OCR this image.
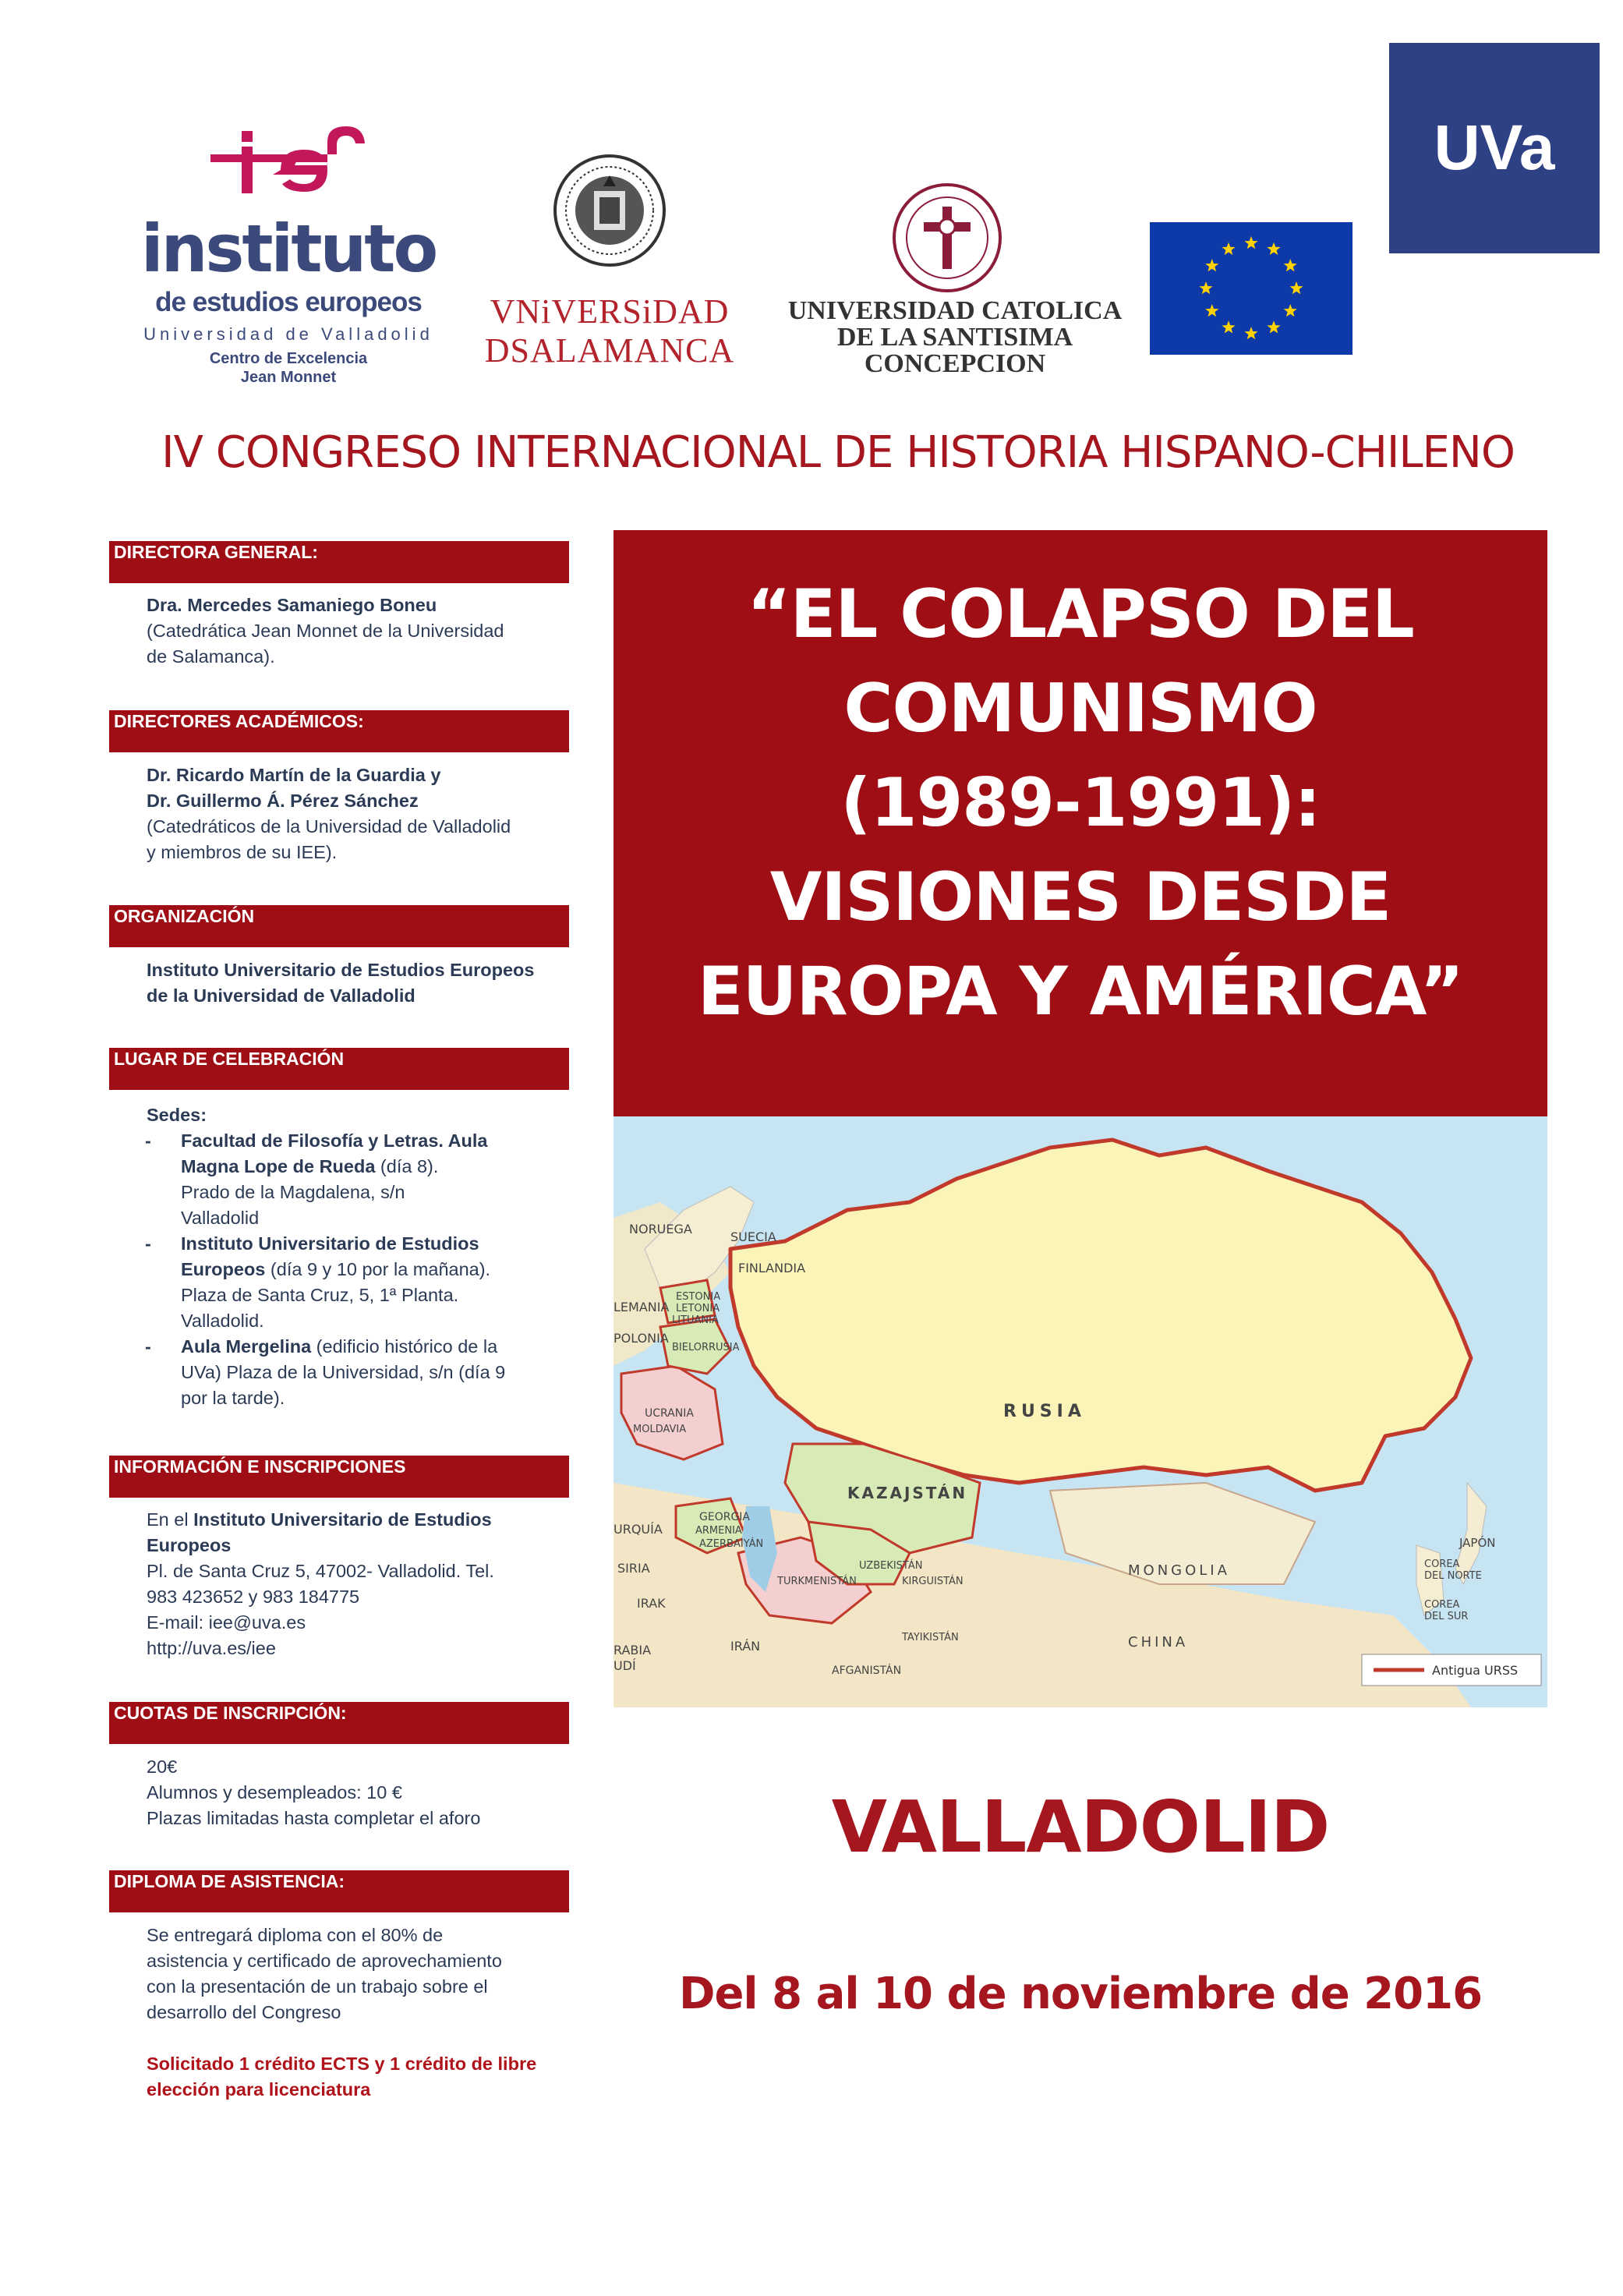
instituto
de estudios europeos
Universidad de Valladolid
Centro de Excelencia
Jean Monnet
VNiVERSiDAD
DSALAMANCA
UNIVERSIDAD CATOLICA
DE LA SANTISIMA CONCEPCION
UVa
IV CONGRESO INTERNACIONAL DE HISTORIA HISPANO-CHILENO
DIRECTORA GENERAL:
Dra. Mercedes Samaniego Boneu
(Catedrática Jean Monnet de la Universidad
de Salamanca).
DIRECTORES ACADÉMICOS:
Dr. Ricardo Martín de la Guardia y
Dr. Guillermo Á. Pérez Sánchez
(Catedráticos de la Universidad de Valladolid
y miembros de su IEE).
ORGANIZACIÓN
Instituto Universitario de Estudios Europeos
de la Universidad de Valladolid
LUGAR DE CELEBRACIÓN
Sedes:
- Facultad de Filosofía y Letras. Aula
Magna Lope de Rueda (día 8).
Prado de la Magdalena, s/n
Valladolid
- Instituto Universitario de Estudios
Europeos (día 9 y 10 por la mañana).
Plaza de Santa Cruz, 5, 1ª Planta.
Valladolid.
- Aula Mergelina (edificio histórico de la
UVa) Plaza de la Universidad, s/n (día 9
por la tarde).
INFORMACIÓN E INSCRIPCIONES
En el Instituto Universitario de Estudios
Europeos
Pl. de Santa Cruz 5, 47002- Valladolid. Tel.
983 423652 y 983 184775
E-mail: iee@uva.es
http://uva.es/iee
CUOTAS DE INSCRIPCIÓN:
20€
Alumnos y desempleados: 10 €
Plazas limitadas hasta completar el aforo
DIPLOMA DE ASISTENCIA:
Se entregará diploma con el 80% de
asistencia y certificado de aprovechamiento
con la presentación de un trabajo sobre el
desarrollo del Congreso
Solicitado 1 crédito ECTS y 1 crédito de libre
elección para licenciatura
“EL COLAPSO DEL
COMUNISMO
(1989-1991):
VISIONES DESDE
EUROPA Y AMÉRICA”
NORUEGA
SUECIA
FINLANDIA
ESTONIA
LETONIA
LITUANIA
LEMANIA
POLONIA
BIELORRUSIA
UCRANIA
MOLDAVIA
RUSIA
KAZAJSTÁN
GEORGIA
ARMENIA
AZERBAIYÁN
URQUÍA
SIRIA
IRAK
RABIA
UDÍ
IRÁN
UZBEKISTÁN
TURKMENISTÁN	KIRGUISTÁN
TAYIKISTÁN
AFGANISTÁN
MONGOLIA
CHINA
JAPÓN
COREA
DEL NORTE
COREA
DEL SUR
Antigua URSS
VALLADOLID
Del 8 al 10 de noviembre de 2016
